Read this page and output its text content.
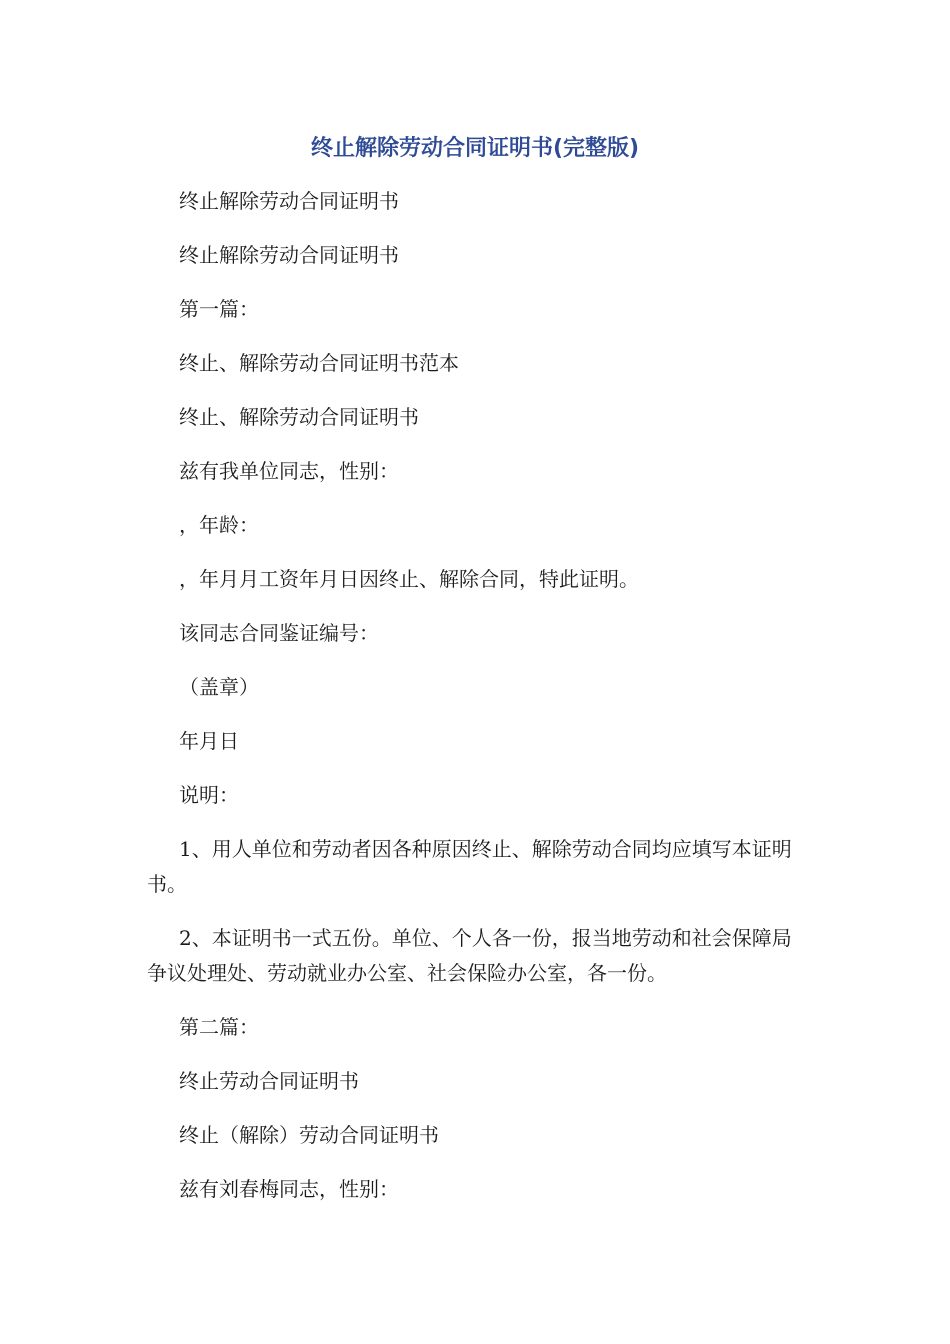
终止解除劳动合同证明书(完整版)

终止解除劳动合同证明书

终止解除劳动合同证明书

第一篇：

终止、解除劳动合同证明书范本

终止、解除劳动合同证明书

兹有我单位同志，性别：

，年龄：

，年月月工资年月日因终止、解除合同，特此证明。

该同志合同鉴证编号：

（盖章）

年月日

说明：

1、用人单位和劳动者因各种原因终止、解除劳动合同均应填写本证明书。

2、本证明书一式五份。单位、个人各一份，报当地劳动和社会保障局争议处理处、劳动就业办公室、社会保险办公室，各一份。

第二篇：

终止劳动合同证明书

终止（解除）劳动合同证明书

兹有刘春梅同志，性别：
